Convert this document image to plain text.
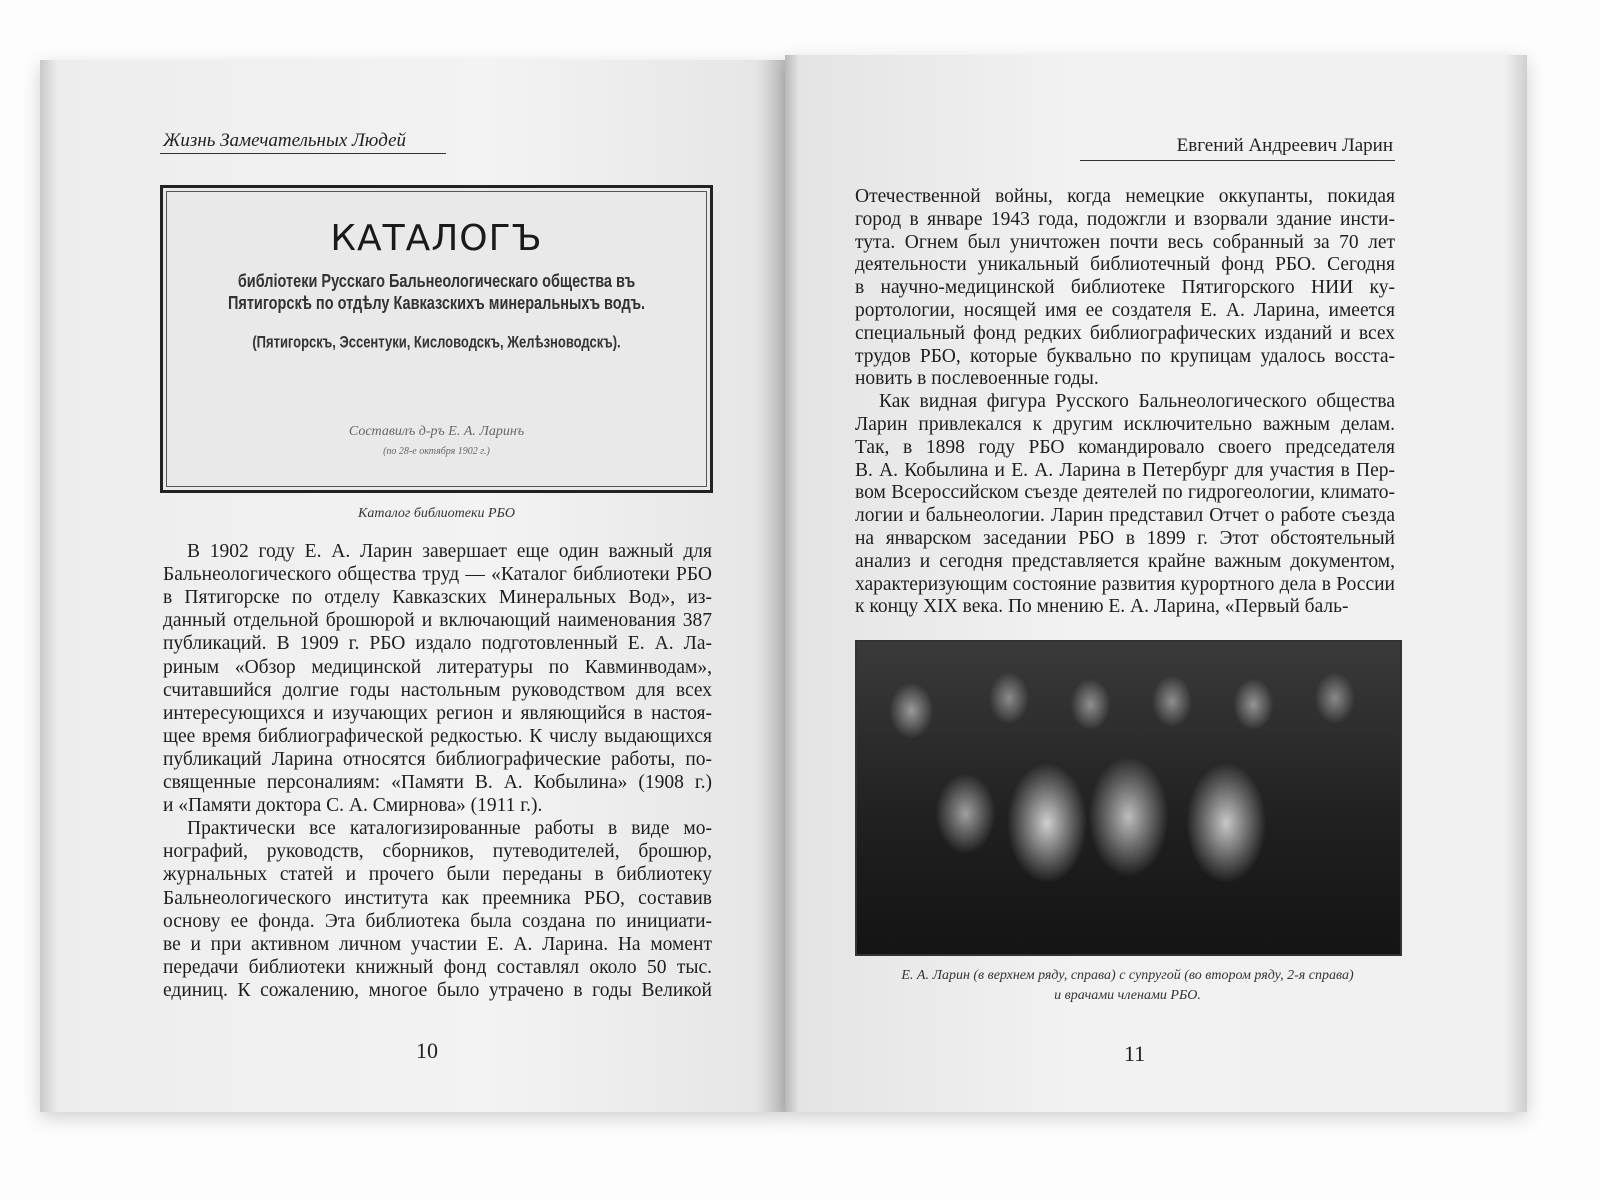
Жизнь Замечательных Людей
КАТАЛОГЪ
библіотеки Русскаго Бальнеологическаго общества въ
Пятигорскѣ по отдѣлу Кавказскихъ минеральныхъ водъ.
(Пятигорскъ, Эссентуки, Кисловодскъ, Желѣзноводскъ).
Составилъ д-ръ Е. А. Ларинъ
(по 28-е октября 1902 г.)
Каталог библиотеки РБО
В 1902 году Е. А. Ларин завершает еще один важный для
Бальнеологического общества труд — «Каталог библиотеки РБО
в Пятигорске по отделу Кавказских Минеральных Вод», из-
данный отдельной брошюрой и включающий наименования 387
публикаций. В 1909 г. РБО издало подготовленный Е. А. Ла-
риным «Обзор медицинской литературы по Кавминводам»,
считавшийся долгие годы настольным руководством для всех
интересующихся и изучающих регион и являющийся в настоя-
щее время библиографической редкостью. К числу выдающихся
публикаций Ларина относятся библиографические работы, по-
священные персоналиям: «Памяти В. А. Кобылина» (1908 г.)
и «Памяти доктора С. А. Смирнова» (1911 г.).
Практически все каталогизированные работы в виде мо-
нографий, руководств, сборников, путеводителей, брошюр,
журнальных статей и прочего были переданы в библиотеку
Бальнеологического института как преемника РБО, составив
основу ее фонда. Эта библиотека была создана по инициати-
ве и при активном личном участии Е. А. Ларина. На момент
передачи библиотеки книжный фонд составлял около 50 тыс.
единиц. К сожалению, многое было утрачено в годы Великой
10
Евгений Андреевич Ларин
Отечественной войны, когда немецкие оккупанты, покидая
город в январе 1943 года, подожгли и взорвали здание инсти-
тута. Огнем был уничтожен почти весь собранный за 70 лет
деятельности уникальный библиотечный фонд РБО. Сегодня
в научно-медицинской библиотеке Пятигорского НИИ ку-
рортологии, носящей имя ее создателя Е. А. Ларина, имеется
специальный фонд редких библиографических изданий и всех
трудов РБО, которые буквально по крупицам удалось восста-
новить в послевоенные годы.
Как видная фигура Русского Бальнеологического общества
Ларин привлекался к другим исключительно важным делам.
Так, в 1898 году РБО командировало своего председателя
В. А. Кобылина и Е. А. Ларина в Петербург для участия в Пер-
вом Всероссийском съезде деятелей по гидрогеологии, климато-
логии и бальнеологии. Ларин представил Отчет о работе съезда
на январском заседании РБО в 1899 г. Этот обстоятельный
анализ и сегодня представляется крайне важным документом,
характеризующим состояние развития курортного дела в России
к концу XIX века. По мнению Е. А. Ларина, «Первый баль-
Е. А. Ларин (в верхнем ряду, справа) с супругой (во втором ряду, 2-я справа)
и врачами членами РБО.
11
